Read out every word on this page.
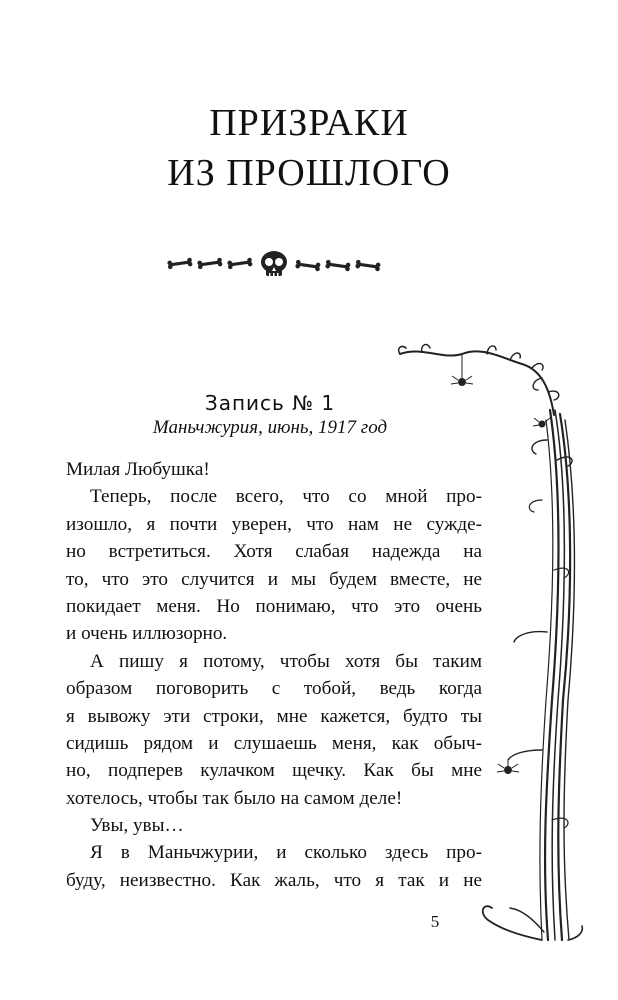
ПРИЗРАКИ
ИЗ ПРОШЛОГО
Запись № 1
Маньчжурия, июнь, 1917 год
Милая Любушка!
Теперь, после всего, что со мной про-
изошло, я почти уверен, что нам не сужде-
но встретиться. Хотя слабая надежда на
то, что это случится и мы будем вместе, не
покидает меня. Но понимаю, что это очень
и очень иллюзорно.
А пишу я потому, чтобы хотя бы таким
образом поговорить с тобой, ведь когда
я вывожу эти строки, мне кажется, будто ты
сидишь рядом и слушаешь меня, как обыч-
но, подперев кулачком щечку. Как бы мне
хотелось, чтобы так было на самом деле!
Увы, увы…
Я в Маньчжурии, и сколько здесь про-
буду, неизвестно. Как жаль, что я так и не
5
